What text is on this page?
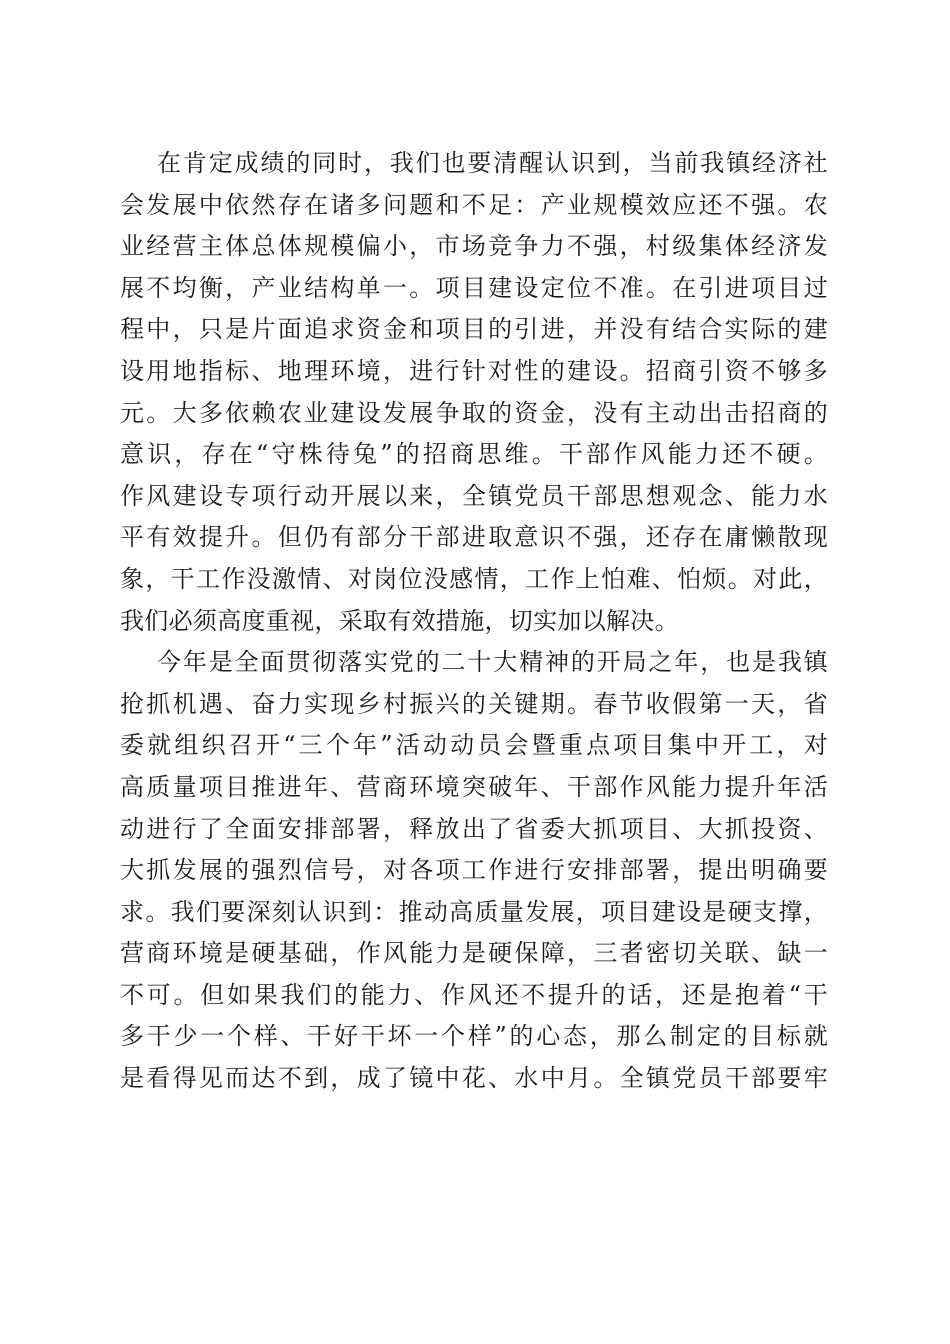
在肯定成绩的同时，我们也要清醒认识到，当前我镇经济社
会发展中依然存在诸多问题和不足：产业规模效应还不强。农
业经营主体总体规模偏小，市场竞争力不强，村级集体经济发
展不均衡，产业结构单一。项目建设定位不准。在引进项目过
程中，只是片面追求资金和项目的引进，并没有结合实际的建
设用地指标、地理环境，进行针对性的建设。招商引资不够多
元。大多依赖农业建设发展争取的资金，没有主动出击招商的
意识，存在“守株待兔”的招商思维。干部作风能力还不硬。
作风建设专项行动开展以来，全镇党员干部思想观念、能力水
平有效提升。但仍有部分干部进取意识不强，还存在庸懒散现
象，干工作没激情、对岗位没感情，工作上怕难、怕烦。对此，
我们必须高度重视，采取有效措施，切实加以解决。
今年是全面贯彻落实党的二十大精神的开局之年，也是我镇
抢抓机遇、奋力实现乡村振兴的关键期。春节收假第一天，省
委就组织召开“三个年”活动动员会暨重点项目集中开工，对
高质量项目推进年、营商环境突破年、干部作风能力提升年活
动进行了全面安排部署，释放出了省委大抓项目、大抓投资、
大抓发展的强烈信号，对各项工作进行安排部署，提出明确要
求。我们要深刻认识到：推动高质量发展，项目建设是硬支撑，
营商环境是硬基础，作风能力是硬保障，三者密切关联、缺一
不可。但如果我们的能力、作风还不提升的话，还是抱着“干
多干少一个样、干好干坏一个样”的心态，那么制定的目标就
是看得见而达不到，成了镜中花、水中月。全镇党员干部要牢
